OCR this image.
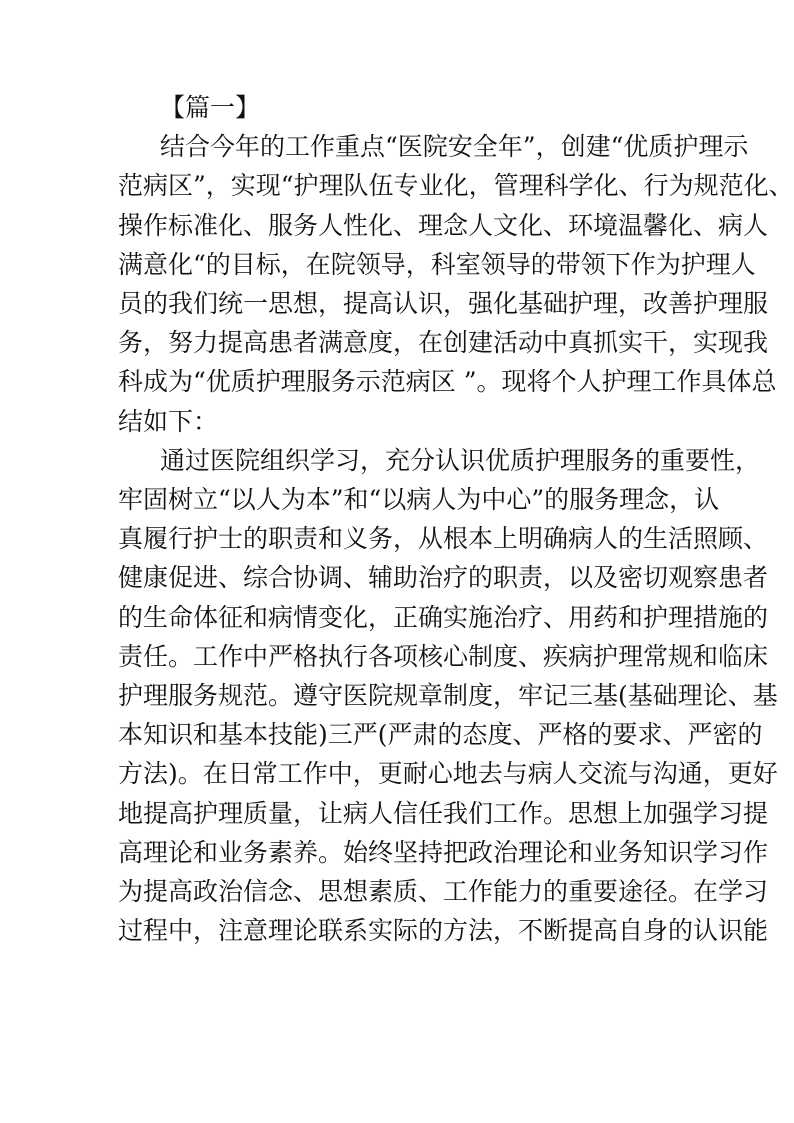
【篇一】
结合今年的工作重点“医院安全年”，创建“优质护理示
范病区”，实现“护理队伍专业化，管理科学化、行为规范化、
操作标准化、服务人性化、理念人文化、环境温馨化、病人
满意化“的目标，在院领导，科室领导的带领下作为护理人
员的我们统一思想，提高认识，强化基础护理，改善护理服
务，努力提高患者满意度，在创建活动中真抓实干，实现我
科成为“优质护理服务示范病区 ”。现将个人护理工作具体总
结如下：
通过医院组织学习，充分认识优质护理服务的重要性，
牢固树立“以人为本”和“以病人为中心”的服务理念，认
真履行护士的职责和义务，从根本上明确病人的生活照顾、
健康促进、综合协调、辅助治疗的职责，以及密切观察患者
的生命体征和病情变化，正确实施治疗、用药和护理措施的
责任。工作中严格执行各项核心制度、疾病护理常规和临床
护理服务规范。遵守医院规章制度，牢记三基(基础理论、基
本知识和基本技能)三严(严肃的态度、严格的要求、严密的
方法)。在日常工作中，更耐心地去与病人交流与沟通，更好
地提高护理质量，让病人信任我们工作。思想上加强学习提
高理论和业务素养。始终坚持把政治理论和业务知识学习作
为提高政治信念、思想素质、工作能力的重要途径。在学习
过程中，注意理论联系实际的方法，不断提高自身的认识能
